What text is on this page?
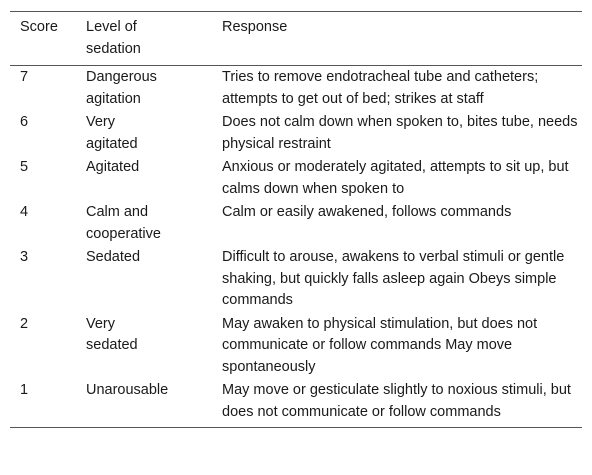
Score	Level of sedation	Response
7	Dangerous agitation	Tries to remove endotracheal tube and catheters; attempts to get out of bed; strikes at staff
6	Very agitated	Does not calm down when spoken to, bites tube, needs physical restraint
5	Agitated	Anxious or moderately agitated, attempts to sit up, but calms down when spoken to
4	Calm and cooperative	Calm or easily awakened, follows commands
3	Sedated	Difficult to arouse, awakens to verbal stimuli or gentle shaking, but quickly falls asleep again Obeys simple commands
2	Very sedated	May awaken to physical stimulation, but does not communicate or follow commands May move spontaneously
1	Unarousable	May move or gesticulate slightly to noxious stimuli, but does not communicate or follow commands
